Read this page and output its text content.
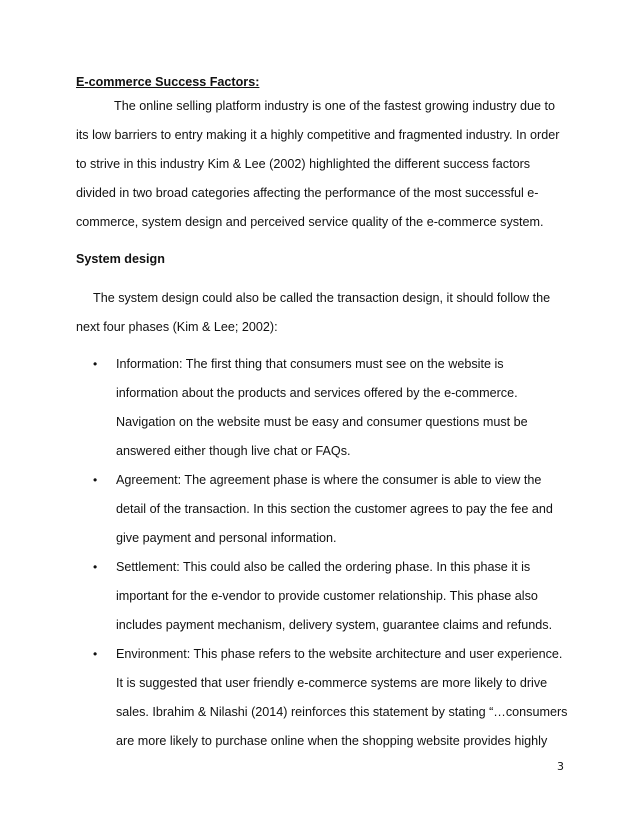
E-commerce Success Factors:
The online selling platform industry is one of the fastest growing industry due to
its low barriers to entry making it a highly competitive and fragmented industry. In order
to strive in this industry Kim & Lee (2002) highlighted the different success factors
divided in two broad categories affecting the performance of the most successful e-
commerce, system design and perceived service quality of the e-commerce system.
System design
The system design could also be called the transaction design, it should follow the
next four phases (Kim & Lee; 2002):
• Information: The first thing that consumers must see on the website is
information about the products and services offered by the e-commerce.
Navigation on the website must be easy and consumer questions must be
answered either though live chat or FAQs.
• Agreement: The agreement phase is where the consumer is able to view the
detail of the transaction. In this section the customer agrees to pay the fee and
give payment and personal information.
• Settlement: This could also be called the ordering phase. In this phase it is
important for the e-vendor to provide customer relationship. This phase also
includes payment mechanism, delivery system, guarantee claims and refunds.
• Environment: This phase refers to the website architecture and user experience.
It is suggested that user friendly e-commerce systems are more likely to drive
sales. Ibrahim & Nilashi (2014) reinforces this statement by stating “…consumers
are more likely to purchase online when the shopping website provides highly
3
